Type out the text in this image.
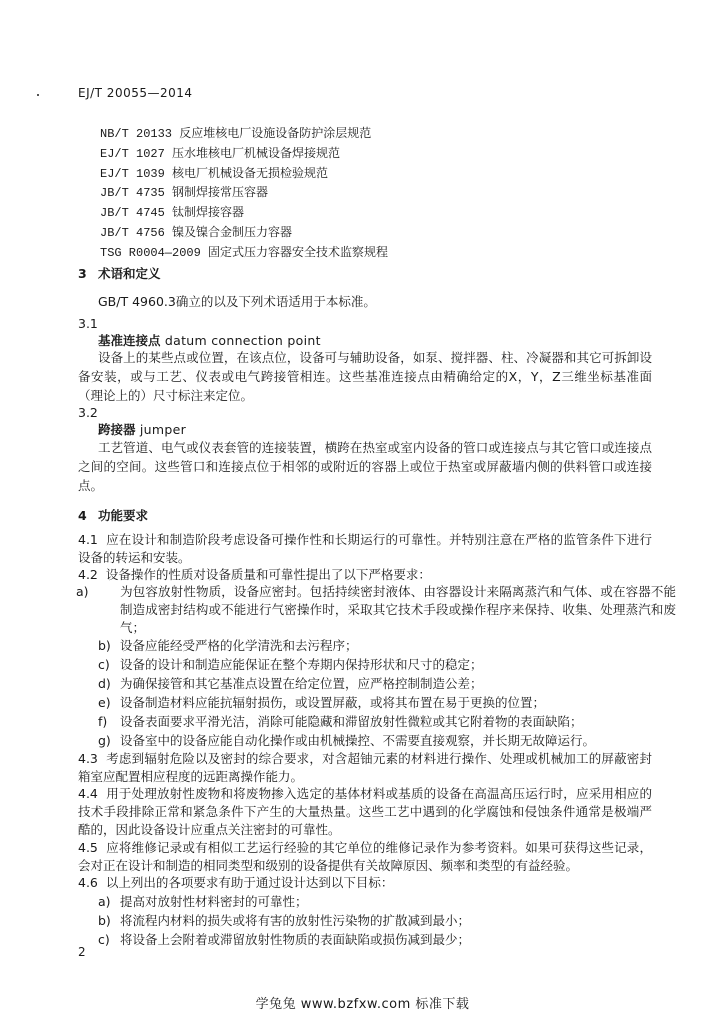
EJ/T 20055—2014
NB/T 20133 反应堆核电厂设施设备防护涂层规范
EJ/T 1027 压水堆核电厂机械设备焊接规范
EJ/T 1039 核电厂机械设备无损检验规范
JB/T 4735 钢制焊接常压容器
JB/T 4745 钛制焊接容器
JB/T 4756 镍及镍合金制压力容器
TSG R0004—2009 固定式压力容器安全技术监察规程
3 术语和定义
GB/T 4960.3确立的以及下列术语适用于本标准。
3.1
基准连接点 datum connection point
设备上的某些点或位置，在该点位，设备可与辅助设备，如泵、搅拌器、柱、冷凝器和其它可拆卸设备安装，或与工艺、仪表或电气跨接管相连。这些基准连接点由精确给定的X，Y，Z三维坐标基准面（理论上的）尺寸标注来定位。
3.2
跨接器 jumper
工艺管道、电气或仪表套管的连接装置，横跨在热室或室内设备的管口或连接点与其它管口或连接点之间的空间。这些管口和连接点位于相邻的或附近的容器上或位于热室或屏蔽墙内侧的供料管口或连接点。
4 功能要求
4.1 应在设计和制造阶段考虑设备可操作性和长期运行的可靠性。并特别注意在严格的监管条件下进行设备的转运和安装。
4.2 设备操作的性质对设备质量和可靠性提出了以下严格要求：
a)	为包容放射性物质，设备应密封。包括持续密封液体、由容器设计来隔离蒸汽和气体、或在容器不能制造成密封结构或不能进行气密操作时，采取其它技术手段或操作程序来保持、收集、处理蒸汽和废气；
b) 设备应能经受严格的化学清洗和去污程序；
c) 设备的设计和制造应能保证在整个寿期内保持形状和尺寸的稳定；
d) 为确保接管和其它基准点设置在给定位置，应严格控制制造公差；
e) 设备制造材料应能抗辐射损伤，或设置屏蔽，或将其布置在易于更换的位置；
f) 设备表面要求平滑光洁，消除可能隐藏和滞留放射性微粒或其它附着物的表面缺陷；
g) 设备室中的设备应能自动化操作或由机械操控、不需要直接观察，并长期无故障运行。
4.3 考虑到辐射危险以及密封的综合要求，对含超铀元素的材料进行操作、处理或机械加工的屏蔽密封箱室应配置相应程度的远距离操作能力。
4.4 用于处理放射性废物和将废物掺入选定的基体材料或基质的设备在高温高压运行时，应采用相应的技术手段排除正常和紧急条件下产生的大量热量。这些工艺中遇到的化学腐蚀和侵蚀条件通常是极端严酷的，因此设备设计应重点关注密封的可靠性。
4.5 应将维修记录或有相似工艺运行经验的其它单位的维修记录作为参考资料。如果可获得这些记录，会对正在设计和制造的相同类型和级别的设备提供有关故障原因、频率和类型的有益经验。
4.6 以上列出的各项要求有助于通过设计达到以下目标：
a) 提高对放射性材料密封的可靠性；
b) 将流程内材料的损失或将有害的放射性污染物的扩散减到最小；
c) 将设备上会附着或滞留放射性物质的表面缺陷或损伤减到最少；
2
学兔兔 www.bzfxw.com 标准下载
